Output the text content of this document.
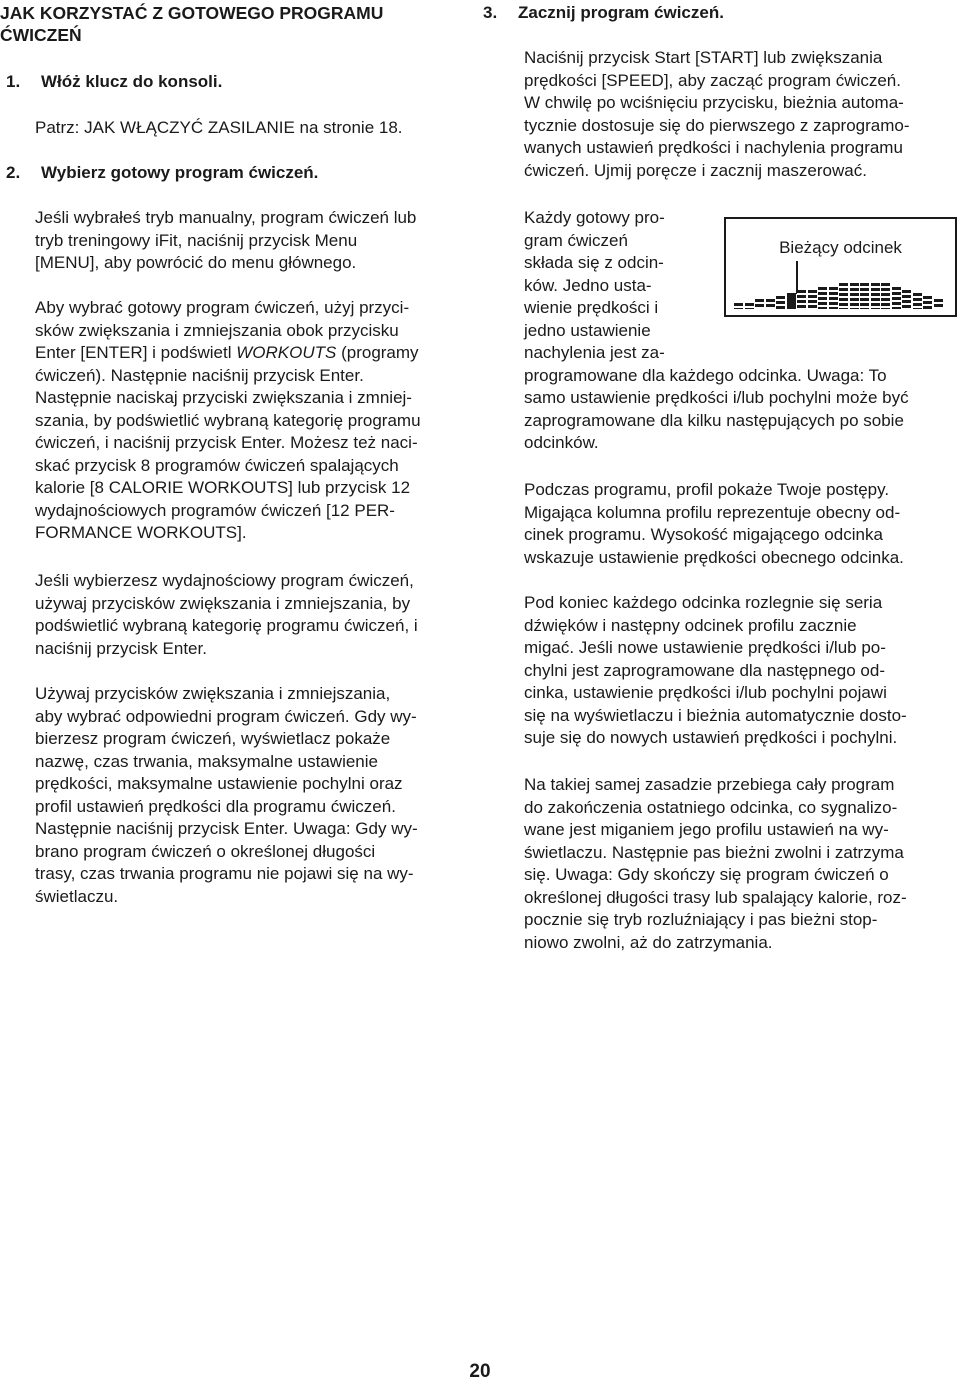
JAK KORZYSTAĆ Z GOTOWEGO PROGRAMU
ĆWICZEŃ

1. Włóż klucz do konsoli.

Patrz: JAK WŁĄCZYĆ ZASILANIE na stronie 18.

2. Wybierz gotowy program ćwiczeń.

Jeśli wybrałeś tryb manualny, program ćwiczeń lub
tryb treningowy iFit, naciśnij przycisk Menu
[MENU], aby powrócić do menu głównego.

Aby wybrać gotowy program ćwiczeń, użyj przyci-
sków zwiększania i zmniejszania obok przycisku
Enter [ENTER] i podświetl WORKOUTS (programy
ćwiczeń). Następnie naciśnij przycisk Enter.
Następnie naciskaj przyciski zwiększania i zmniej-
szania, by podświetlić wybraną kategorię programu
ćwiczeń, i naciśnij przycisk Enter. Możesz też naci-
skać przycisk 8 programów ćwiczeń spalających
kalorie [8 CALORIE WORKOUTS] lub przycisk 12
wydajnościowych programów ćwiczeń [12 PER-
FORMANCE WORKOUTS].

Jeśli wybierzesz wydajnościowy program ćwiczeń,
używaj przycisków zwiększania i zmniejszania, by
podświetlić wybraną kategorię programu ćwiczeń, i
naciśnij przycisk Enter.

Używaj przycisków zwiększania i zmniejszania,
aby wybrać odpowiedni program ćwiczeń. Gdy wy-
bierzesz program ćwiczeń, wyświetlacz pokaże
nazwę, czas trwania, maksymalne ustawienie
prędkości, maksymalne ustawienie pochylni oraz
profil ustawień prędkości dla programu ćwiczeń.
Następnie naciśnij przycisk Enter. Uwaga: Gdy wy-
brano program ćwiczeń o określonej długości
trasy, czas trwania programu nie pojawi się na wy-
świetlaczu.

3. Zacznij program ćwiczeń.

Naciśnij przycisk Start [START] lub zwiększania
prędkości [SPEED], aby zacząć program ćwiczeń.
W chwilę po wciśnięciu przycisku, bieżnia automa-
tycznie dostosuje się do pierwszego z zaprogramo-
wanych ustawień prędkości i nachylenia programu
ćwiczeń. Ujmij poręcze i zacznij maszerować.

Każdy gotowy pro-
gram ćwiczeń
składa się z odcin-
ków. Jedno usta-
wienie prędkości i
jedno ustawienie
nachylenia jest za-
programowane dla każdego odcinka. Uwaga: To
samo ustawienie prędkości i/lub pochylni może być
zaprogramowane dla kilku następujących po sobie
odcinków.

Podczas programu, profil pokaże Twoje postępy.
Migająca kolumna profilu reprezentuje obecny od-
cinek programu. Wysokość migającego odcinka
wskazuje ustawienie prędkości obecnego odcinka.

Pod koniec każdego odcinka rozlegnie się seria
dźwięków i następny odcinek profilu zacznie
migać. Jeśli nowe ustawienie prędkości i/lub po-
chylni jest zaprogramowane dla następnego od-
cinka, ustawienie prędkości i/lub pochylni pojawi
się na wyświetlaczu i bieżnia automatycznie dosto-
suje się do nowych ustawień prędkości i pochylni.

Na takiej samej zasadzie przebiega cały program
do zakończenia ostatniego odcinka, co sygnalizo-
wane jest miganiem jego profilu ustawień na wy-
świetlaczu. Następnie pas bieżni zwolni i zatrzyma
się. Uwaga: Gdy skończy się program ćwiczeń o
określonej długości trasy lub spalający kalorie, roz-
pocznie się tryb rozluźniający i pas bieżni stop-
niowo zwolni, aż do zatrzymania.

Bieżący odcinek
20
